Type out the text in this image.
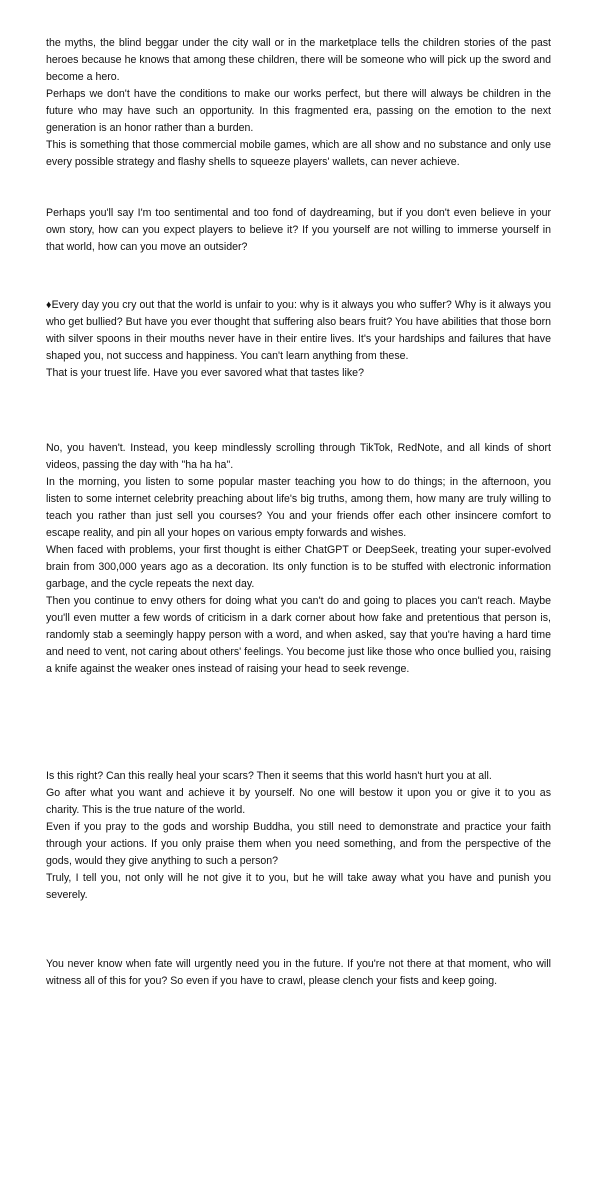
the myths, the blind beggar under the city wall or in the marketplace tells the children stories of the past heroes because he knows that among these children, there will be someone who will pick up the sword and become a hero.
Perhaps we don't have the conditions to make our works perfect, but there will always be children in the future who may have such an opportunity. In this fragmented era, passing on the emotion to the next generation is an honor rather than a burden.
This is something that those commercial mobile games, which are all show and no substance and only use every possible strategy and flashy shells to squeeze players' wallets, can never achieve.
Perhaps you'll say I'm too sentimental and too fond of daydreaming, but if you don't even believe in your own story, how can you expect players to believe it? If you yourself are not willing to immerse yourself in that world, how can you move an outsider?
♦Every day you cry out that the world is unfair to you: why is it always you who suffer? Why is it always you who get bullied? But have you ever thought that suffering also bears fruit? You have abilities that those born with silver spoons in their mouths never have in their entire lives. It's your hardships and failures that have shaped you, not success and happiness. You can't learn anything from these.
That is your truest life. Have you ever savored what that tastes like?
No, you haven't. Instead, you keep mindlessly scrolling through TikTok, RedNote, and all kinds of short videos, passing the day with "ha ha ha".
In the morning, you listen to some popular master teaching you how to do things; in the afternoon, you listen to some internet celebrity preaching about life's big truths, among them, how many are truly willing to teach you rather than just sell you courses? You and your friends offer each other insincere comfort to escape reality, and pin all your hopes on various empty forwards and wishes.
When faced with problems, your first thought is either ChatGPT or DeepSeek, treating your super-evolved brain from 300,000 years ago as a decoration. Its only function is to be stuffed with electronic information garbage, and the cycle repeats the next day.
Then you continue to envy others for doing what you can't do and going to places you can't reach. Maybe you'll even mutter a few words of criticism in a dark corner about how fake and pretentious that person is, randomly stab a seemingly happy person with a word, and when asked, say that you're having a hard time and need to vent, not caring about others' feelings. You become just like those who once bullied you, raising a knife against the weaker ones instead of raising your head to seek revenge.
Is this right? Can this really heal your scars? Then it seems that this world hasn't hurt you at all.
Go after what you want and achieve it by yourself. No one will bestow it upon you or give it to you as charity. This is the true nature of the world.
Even if you pray to the gods and worship Buddha, you still need to demonstrate and practice your faith through your actions. If you only praise them when you need something, and from the perspective of the gods, would they give anything to such a person?
Truly, I tell you, not only will he not give it to you, but he will take away what you have and punish you severely.
You never know when fate will urgently need you in the future. If you're not there at that moment, who will witness all of this for you? So even if you have to crawl, please clench your fists and keep going.
